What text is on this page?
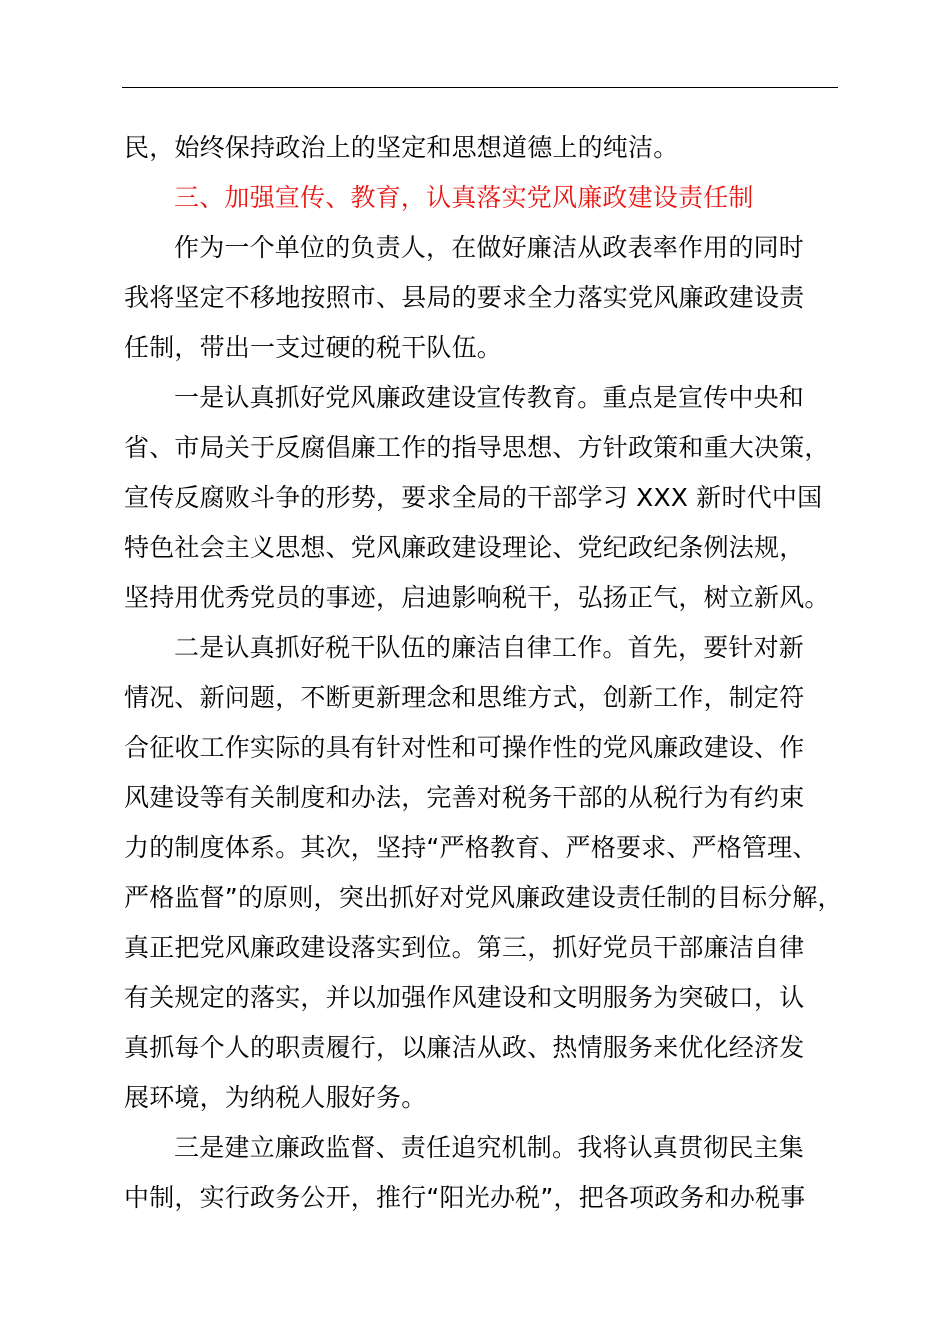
民，始终保持政治上的坚定和思想道德上的纯洁。
三、加强宣传、教育，认真落实党风廉政建设责任制
作为一个单位的负责人，在做好廉洁从政表率作用的同时
我将坚定不移地按照市、县局的要求全力落实党风廉政建设责
任制，带出一支过硬的税干队伍。
一是认真抓好党风廉政建设宣传教育。重点是宣传中央和
省、市局关于反腐倡廉工作的指导思想、方针政策和重大决策，
宣传反腐败斗争的形势，要求全局的干部学习 XXX 新时代中国
特色社会主义思想、党风廉政建设理论、党纪政纪条例法规，
坚持用优秀党员的事迹，启迪影响税干，弘扬正气，树立新风。
二是认真抓好税干队伍的廉洁自律工作。首先，要针对新
情况、新问题，不断更新理念和思维方式，创新工作，制定符
合征收工作实际的具有针对性和可操作性的党风廉政建设、作
风建设等有关制度和办法，完善对税务干部的从税行为有约束
力的制度体系。其次，坚持“严格教育、严格要求、严格管理、
严格监督”的原则，突出抓好对党风廉政建设责任制的目标分解，
真正把党风廉政建设落实到位。第三，抓好党员干部廉洁自律
有关规定的落实，并以加强作风建设和文明服务为突破口，认
真抓每个人的职责履行，以廉洁从政、热情服务来优化经济发
展环境，为纳税人服好务。
三是建立廉政监督、责任追究机制。我将认真贯彻民主集
中制，实行政务公开，推行“阳光办税”，把各项政务和办税事
